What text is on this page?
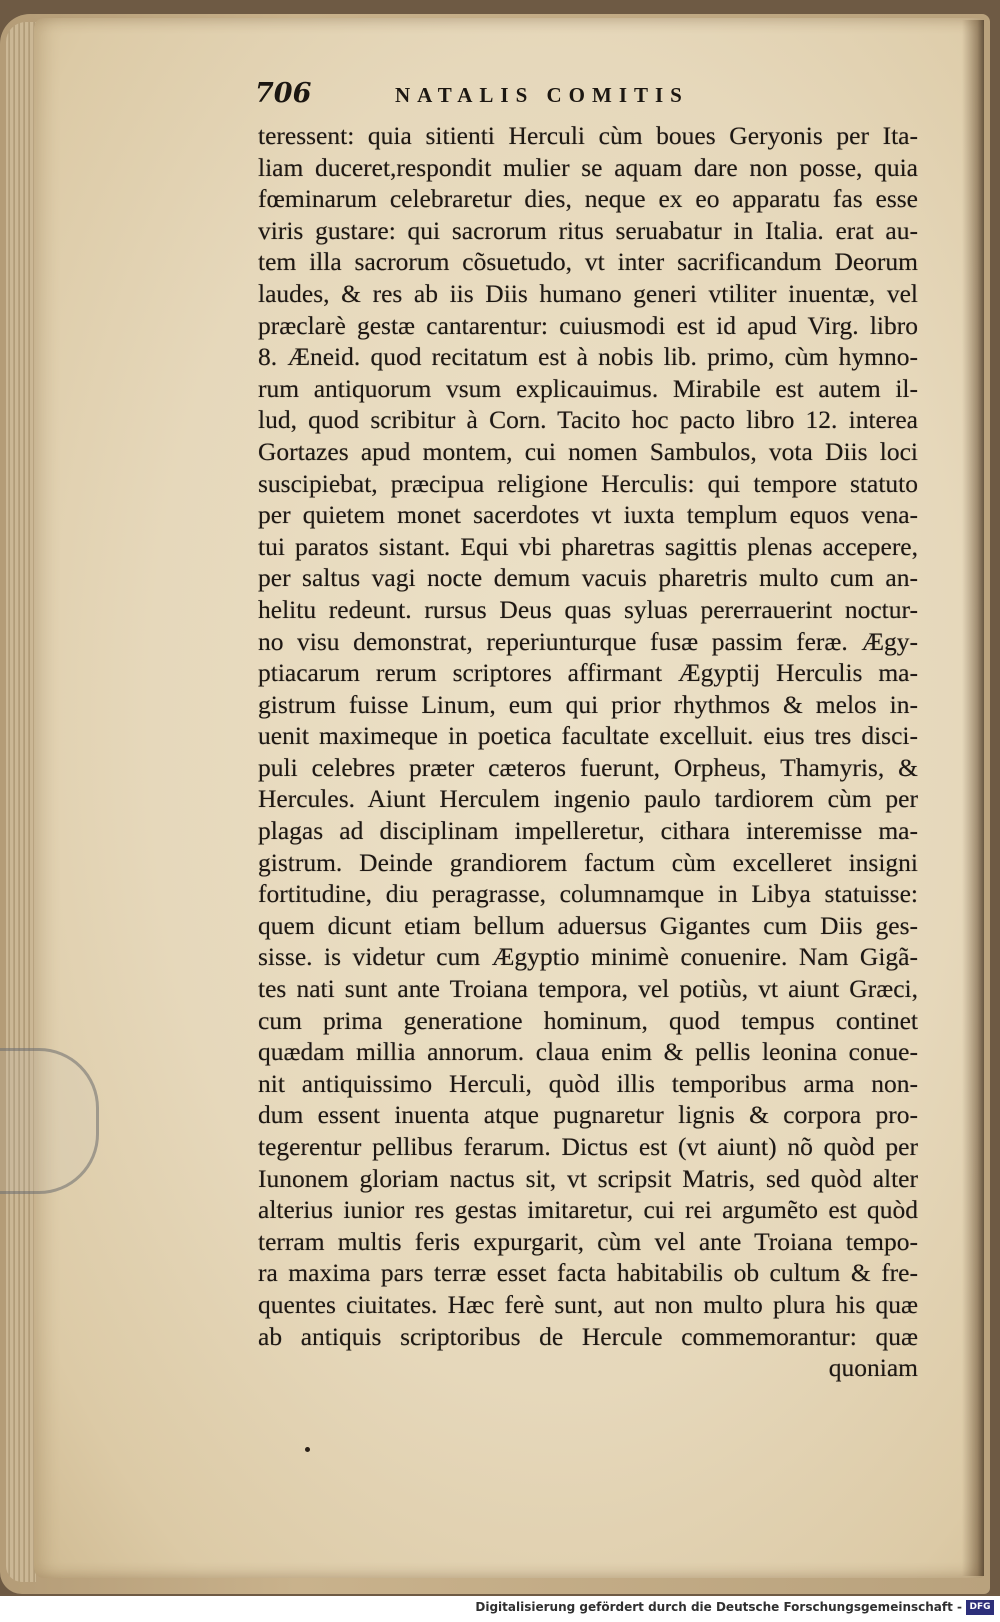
706	NATALIS COMITIS
teressent: quia sitienti Herculi cùm boues Geryonis per Ita-
liam duceret,respondit mulier se aquam dare non posse, quia
fœminarum celebraretur dies, neque ex eo apparatu fas esse
viris gustare: qui sacrorum ritus seruabatur in Italia. erat au-
tem illa sacrorum cõsuetudo, vt inter sacrificandum Deorum
laudes, & res ab iis Diis humano generi vtiliter inuentæ, vel
præclarè gestæ cantarentur: cuiusmodi est id apud Virg. libro
8. Æneid. quod recitatum est à nobis lib. primo, cùm hymno-
rum antiquorum vsum explicauimus. Mirabile est autem il-
lud, quod scribitur à Corn. Tacito hoc pacto libro 12. interea
Gortazes apud montem, cui nomen Sambulos, vota Diis loci
suscipiebat, præcipua religione Herculis: qui tempore statuto
per quietem monet sacerdotes vt iuxta templum equos vena-
tui paratos sistant. Equi vbi pharetras sagittis plenas accepere,
per saltus vagi nocte demum vacuis pharetris multo cum an-
helitu redeunt. rursus Deus quas syluas pererrauerint noctur-
no visu demonstrat, reperiunturque fusæ passim feræ. Ægy-
ptiacarum rerum scriptores affirmant Ægyptij Herculis ma-
gistrum fuisse Linum, eum qui prior rhythmos & melos in-
uenit maximeque in poetica facultate excelluit. eius tres disci-
puli celebres præter cæteros fuerunt, Orpheus, Thamyris, &
Hercules. Aiunt Herculem ingenio paulo tardiorem cùm per
plagas ad disciplinam impelleretur, cithara interemisse ma-
gistrum. Deinde grandiorem factum cùm excelleret insigni
fortitudine, diu peragrasse, columnamque in Libya statuisse:
quem dicunt etiam bellum aduersus Gigantes cum Diis ges-
sisse. is videtur cum Ægyptio minimè conuenire. Nam Gigã-
tes nati sunt ante Troiana tempora, vel potiùs, vt aiunt Græci,
cum prima generatione hominum, quod tempus continet
quædam millia annorum. claua enim & pellis leonina conue-
nit antiquissimo Herculi, quòd illis temporibus arma non-
dum essent inuenta atque pugnaretur lignis & corpora pro-
tegerentur pellibus ferarum. Dictus est (vt aiunt) nõ quòd per
Iunonem gloriam nactus sit, vt scripsit Matris, sed quòd alter
alterius iunior res gestas imitaretur, cui rei argumẽto est quòd
terram multis feris expurgarit, cùm vel ante Troiana tempo-
ra maxima pars terræ esset facta habitabilis ob cultum & fre-
quentes ciuitates. Hæc ferè sunt, aut non multo plura his quæ
ab antiquis scriptoribus de Hercule commemorantur: quæ
quoniam
Digitalisierung gefördert durch die Deutsche Forschungsgemeinschaft - DFG
